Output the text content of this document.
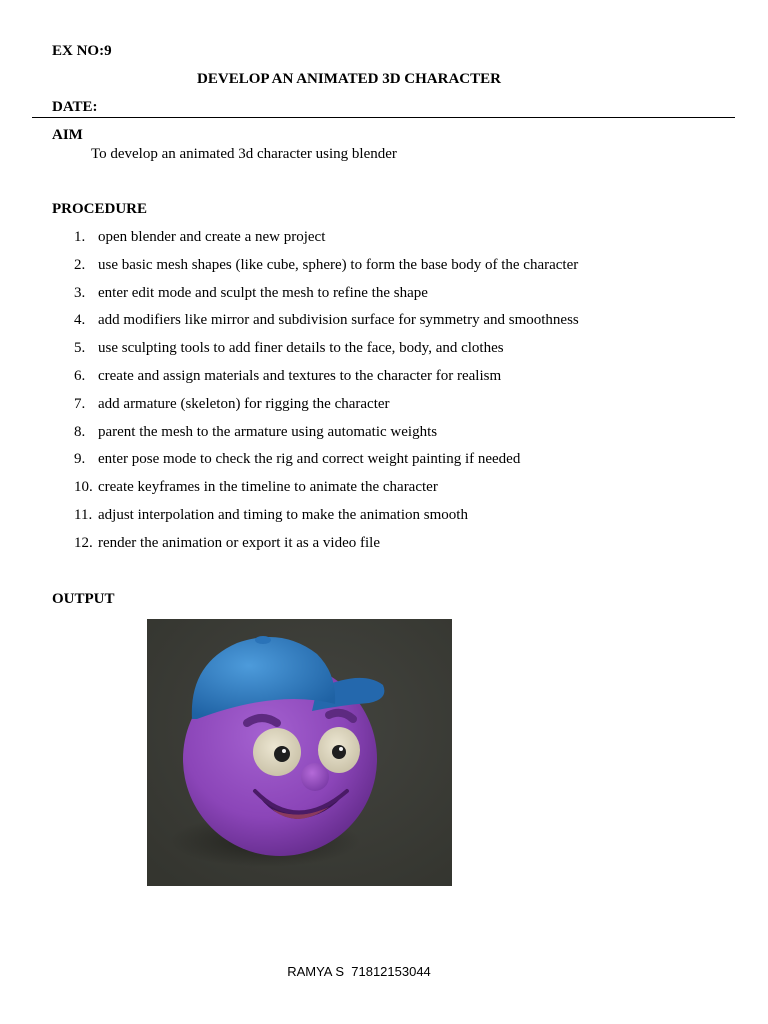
EX NO:9
DEVELOP AN ANIMATED 3D CHARACTER
DATE:
AIM
To develop an animated 3d character using blender
PROCEDURE
1. open blender and create a new project
2. use basic mesh shapes (like cube, sphere) to form the base body of the character
3. enter edit mode and sculpt the mesh to refine the shape
4. add modifiers like mirror and subdivision surface for symmetry and smoothness
5. use sculpting tools to add finer details to the face, body, and clothes
6. create and assign materials and textures to the character for realism
7. add armature (skeleton) for rigging the character
8. parent the mesh to the armature using automatic weights
9. enter pose mode to check the rig and correct weight painting if needed
10. create keyframes in the timeline to animate the character
11. adjust interpolation and timing to make the animation smooth
12. render the animation or export it as a video file
OUTPUT
RAMYA S  71812153044
